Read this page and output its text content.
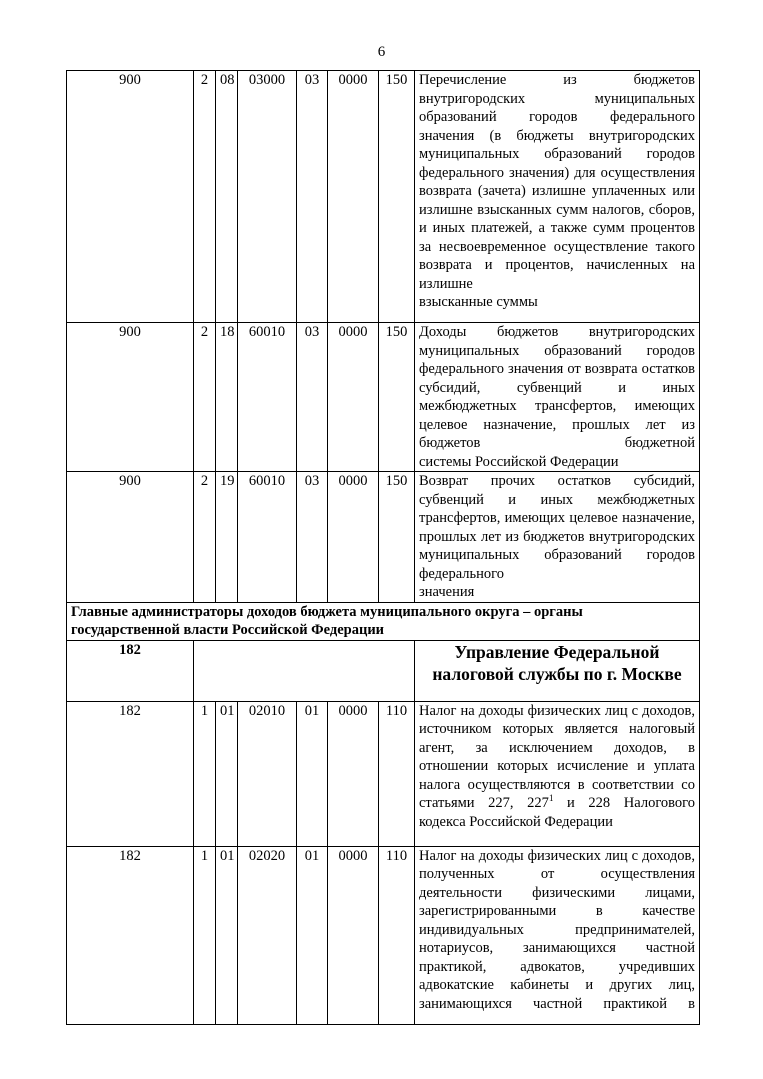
6
900	2	08	03000	03	0000	150	Перечисление из бюджетов внутригородских муниципальных образований городов федерального значения (в бюджеты внутригородских муниципальных образований городов федерального значения) для осуществления возврата (зачета) излишне уплаченных или излишне взысканных сумм налогов, сборов, и иных платежей, а также сумм процентов за несвоевременное осуществление такого возврата и процентов, начисленных на излишне
взысканные суммы

900	2	18	60010	03	0000	150	Доходы бюджетов внутригородских муниципальных образований городов федерального значения от возврата остатков субсидий, субвенций и иных межбюджетных трансфертов, имеющих целевое назначение, прошлых лет из бюджетов бюджетной
системы Российской Федерации

900	2	19	60010	03	0000	150	Возврат прочих остатков субсидий, субвенций и иных межбюджетных трансфертов, имеющих целевое назначение, прошлых лет из бюджетов внутригородских муниципальных образований городов федерального
значения

Главные администраторы доходов бюджета муниципального округа – органы государственной власти Российской Федерации							
182							Управление Федеральной налоговой службы по г. Москве
182	1	01	02010	01	0000	110	Налог на доходы физических лиц с доходов, источником которых является налоговый агент, за исключением доходов, в отношении которых исчисление и уплата налога осуществляются в соответствии со статьями 227, $227^1$ и 228 Налогового
кодекса Российской Федерации

182	1	01	02020	01	0000	110	Налог на доходы физических лиц с доходов, полученных от осуществления деятельности физическими лицами, зарегистрированными в качестве индивидуальных предпринимателей, нотариусов, занимающихся частной практикой, адвокатов, учредивших адвокатские кабинеты и других лиц, занимающихся частной практикой в
